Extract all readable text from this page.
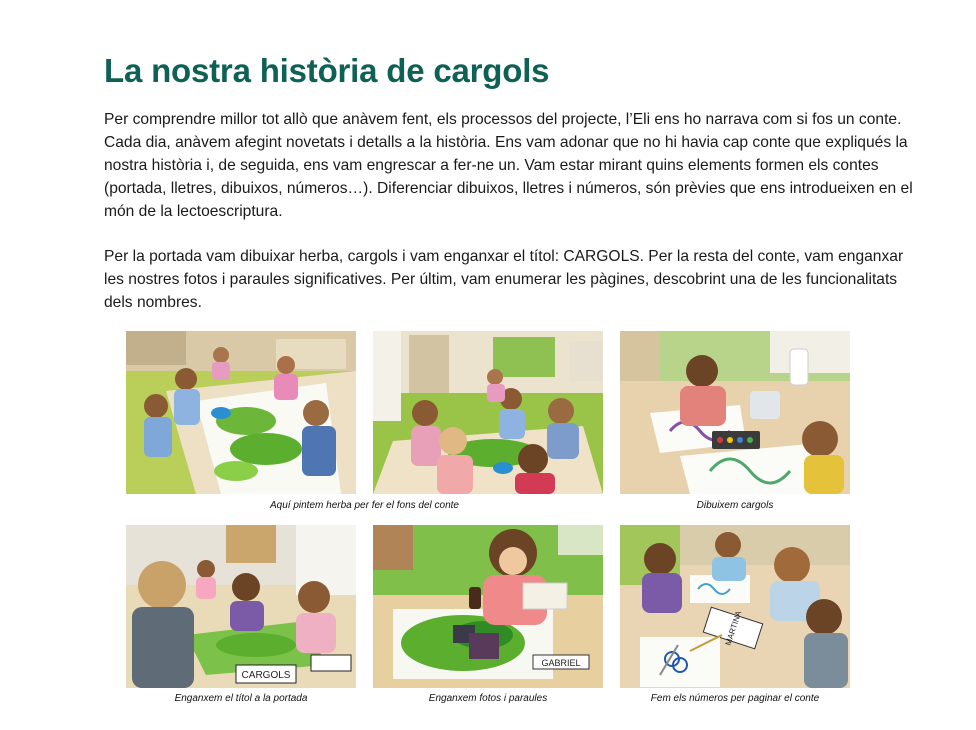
La nostra història de cargols

Per comprendre millor tot allò que anàvem fent, els processos del projecte, l’Eli ens ho narrava com si fos un conte. Cada dia, anàvem afegint novetats i detalls a la història. Ens vam adonar que no hi havia cap conte que expliqués la nostra història i, de seguida, ens vam engrescar a fer-ne un. Vam estar mirant quins elements formen els contes (portada, lletres, dibuixos, números…). Diferenciar dibuixos, lletres i números, són prèvies que ens introdueixen en el món de la lectoescriptura.

Per la portada vam dibuixar herba, cargols i vam enganxar el títol: CARGOLS. Per la resta del conte, vam enganxar les nostres fotos i paraules significatives. Per últim, vam enumerar les pàgines, descobrint una de les funcionalitats dels nombres.

Aquí pintem herba per fer el fons del conte	Dibuixem cargols
CARGOLS
GABRIEL
MARTINA
Enganxem el títol a la portada	Enganxem fotos i paraules	Fem els números per paginar el conte
